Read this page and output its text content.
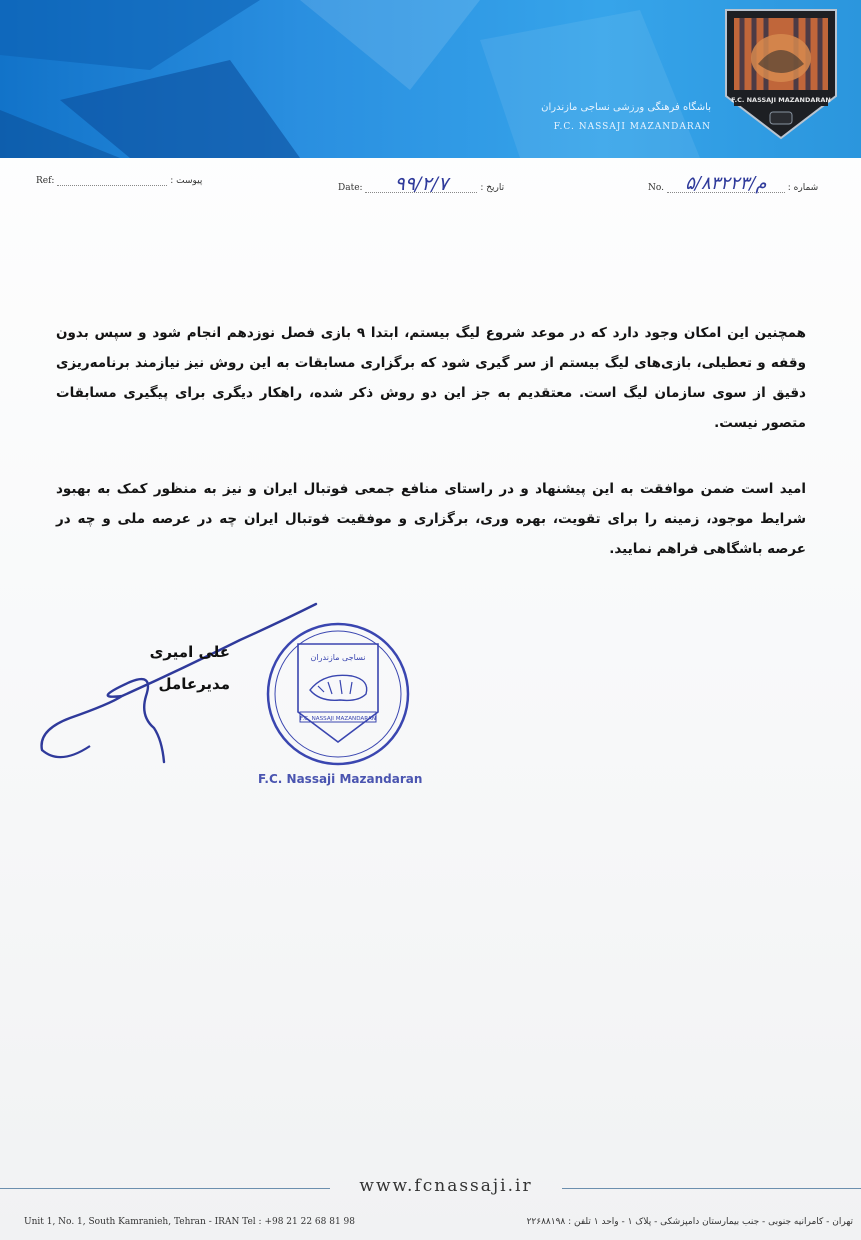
باشگاه فرهنگی ورزشی نساجی مازندران
F.C. NASSAJI MAZANDARAN
F.C. NASSAJI MAZANDARAN
Ref:	پیوست :
Date: ۹۹/۲/۷	تاریخ :	No. ۵/م/۸۳۲۲۳ شماره :
همچنین این امکان وجود دارد که در موعد شروع لیگ بیستم، ابتدا ۹ بازی فصل نوزدهم انجام شود و سپس بدون وقفه و تعطیلی، بازی‌های لیگ بیستم از سر گیری شود که برگزاری مسابقات به این روش نیز نیازمند برنامه‌ریزی دقیق از سوی سازمان لیگ است. معتقدیم به جز این دو روش ذکر شده، راهکار دیگری برای پیگیری مسابقات متصور نیست.
امید است ضمن موافقت به این پیشنهاد و در راستای منافع جمعی فوتبال ایران و نیز به منظور کمک به بهبود شرایط موجود، زمینه را برای تقویت، بهره وری، برگزاری و موفقیت فوتبال ایران چه در عرصه ملی و چه در عرصه باشگاهی فراهم نمایید.
علی امیری
مدیرعامل
نساجی مازندران
F.C. NASSAJI MAZANDARAN
F.C. Nassaji Mazandaran
www.fcnassaji.ir
Unit 1, No. 1, South Kamranieh, Tehran - IRAN Tel : +98 21 22 68 81 98	تهران - کامرانیه جنوبی - جنب بیمارستان دامپزشکی - پلاک ۱ - واحد ۱ تلفن : ۲۲۶۸۸۱۹۸
